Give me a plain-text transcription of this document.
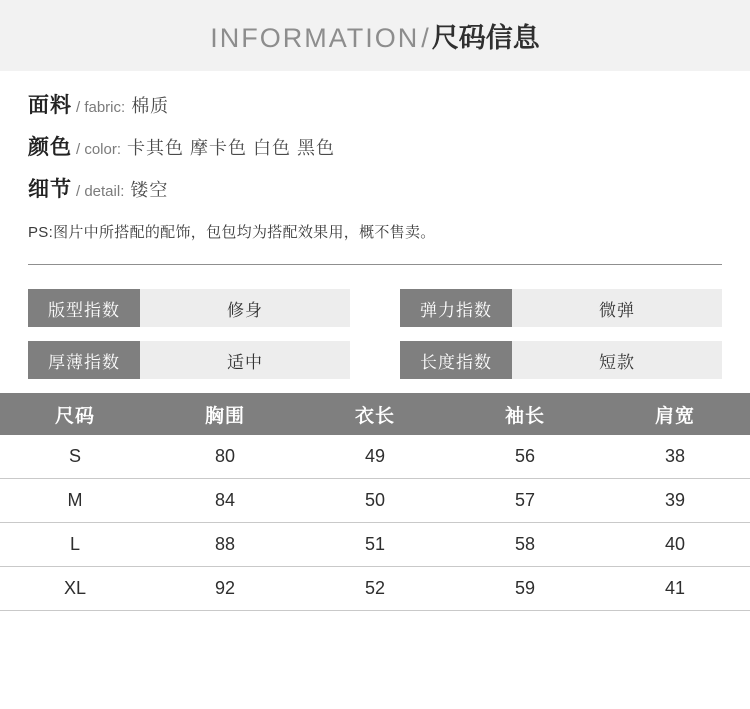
INFORMATION/尺码信息
面料 / fabric: 棉质
颜色 / color: 卡其色 摩卡色 白色 黑色
细节 / detail: 镂空
PS:图片中所搭配的配饰，包包均为搭配效果用，概不售卖。
版型指数	修身	弹力指数	微弹
厚薄指数	适中	长度指数	短款
尺码	胸围	衣长	袖长	肩宽
S	80	49	56	38
M	84	50	57	39
L	88	51	58	40
XL	92	52	59	41
